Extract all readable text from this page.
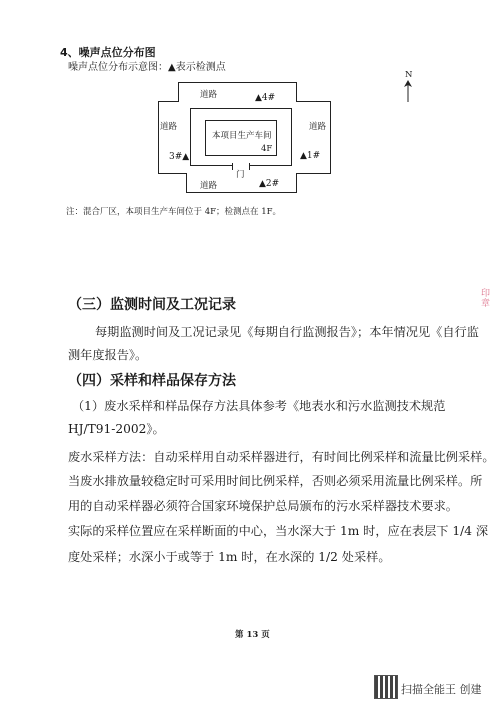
4、噪声点位分布图
噪声点位分布示意图：▲表示检测点
本项目生产车间
4F
门
道路
道路	道路
道路
▲4#
▲1#
3#▲
▲2#
N
注：混合厂区，本项目生产车间位于 4F；检测点在 1F。
（三）监测时间及工况记录
每期监测时间及工况记录见《每期自行监测报告》；本年情况见《自行监
测年度报告》。
（四）采样和样品保存方法
（1）废水采样和样品保存方法具体参考《地表水和污水监测技术规范
HJ/T91-2002》。
废水采样方法：自动采样用自动采样器进行，有时间比例采样和流量比例采样。
当废水排放量较稳定时可采用时间比例采样，否则必须采用流量比例采样。所
用的自动采样器必须符合国家环境保护总局颁布的污水采样器技术要求。
实际的采样位置应在采样断面的中心，当水深大于 1m 时，应在表层下 1/4 深
度处采样；水深小于或等于 1m 时，在水深的 1/2 处采样。
印章
第 13 页
扫描全能王 创建
